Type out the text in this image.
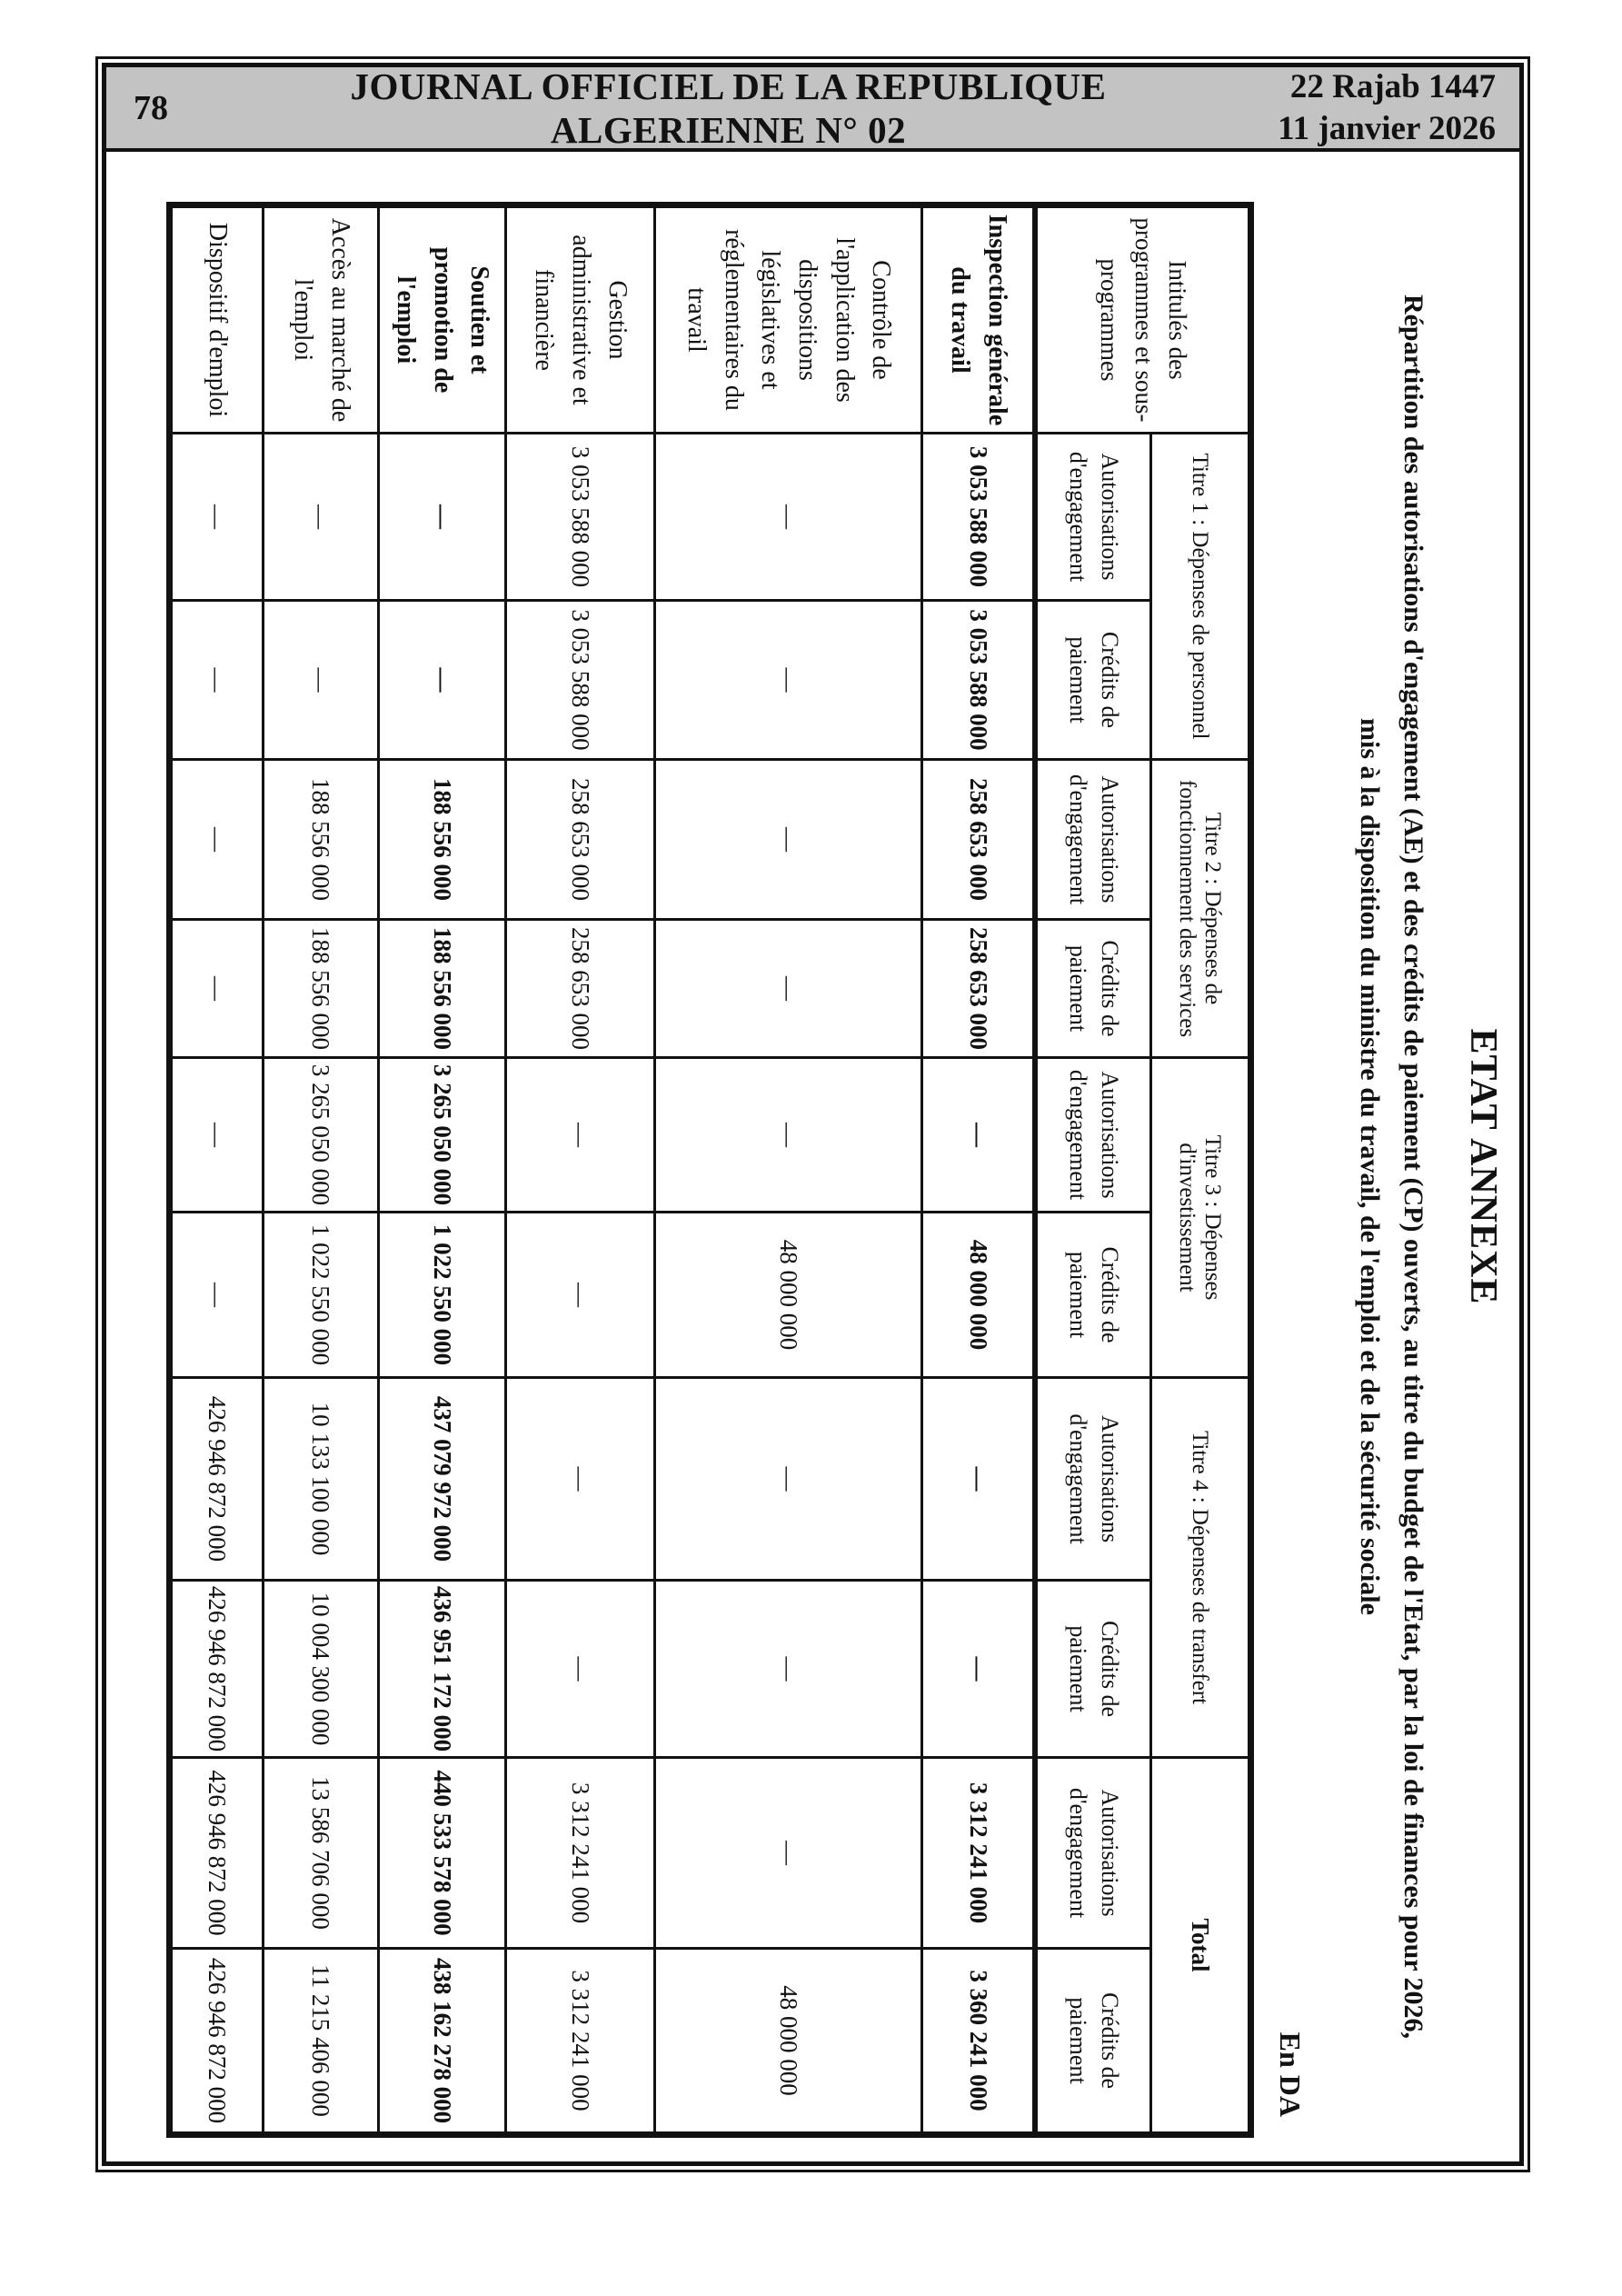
78
JOURNAL OFFICIEL DE LA REPUBLIQUE ALGERIENNE N° 02
22 Rajab 1447
11 janvier 2026
ETAT ANNEXE
Répartition des autorisations d'engagement (AE) et des crédits de paiement (CP) ouverts, au titre du budget de l'Etat, par la loi de finances pour 2026,
mis à la disposition du ministre du travail, de l'emploi et de la sécurité sociale
En DA
Intitulés des programmes et sous-programmes	Titre 1 : Dépenses de personnel		Titre 2 : Dépenses de fonctionnement des services		Titre 3 : Dépenses d'investissement		Titre 4 : Dépenses de transfert		Total	
	Autorisations d'engagement	Crédits de paiement	Autorisations d'engagement	Crédits de paiement	Autorisations d'engagement	Crédits de paiement	Autorisations d'engagement	Crédits de paiement	Autorisations d'engagement	Crédits de paiement
Inspection générale du travail	3 053 588 000	3 053 588 000	258 653 000	258 653 000	—	48 000 000	—	—	3 312 241 000	3 360 241 000
Contrôle de l'application des dispositions législatives et réglementaires du travail	—	—	—	—	—	48 000 000	—	—	—	48 000 000
Gestion administrative et financière	3 053 588 000	3 053 588 000	258 653 000	258 653 000	—	—	—	—	3 312 241 000	3 312 241 000
Soutien et promotion de l'emploi	—	—	188 556 000	188 556 000	3 265 050 000	1 022 550 000	437 079 972 000	436 951 172 000	440 533 578 000	438 162 278 000
Accès au marché de l'emploi	—	—	188 556 000	188 556 000	3 265 050 000	1 022 550 000	10 133 100 000	10 004 300 000	13 586 706 000	11 215 406 000
Dispositif d'emploi	—	—	—	—	—	—	426 946 872 000	426 946 872 000	426 946 872 000	426 946 872 000
